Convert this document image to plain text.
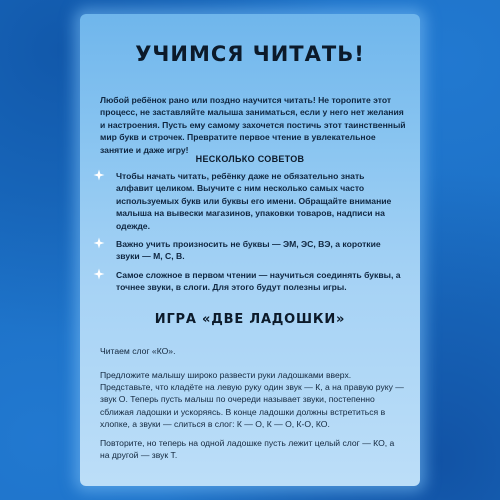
УЧИМСЯ ЧИТАТЬ!
Любой ребёнок рано или поздно научится читать! Не торопите этот процесс, не заставляйте малыша заниматься, если у него нет желания и настроения. Пусть ему самому захочется постичь этот таинственный мир букв и строчек. Превратите первое чтение в увлекательное занятие и даже игру!
НЕСКОЛЬКО СОВЕТОВ
Чтобы начать читать, ребёнку даже не обязательно знать алфавит целиком. Выучите с ним несколько самых часто используемых букв или буквы его имени. Обращайте внимание малыша на вывески магазинов, упаковки товаров, надписи на одежде.
Важно учить произносить не буквы — ЭМ, ЭС, ВЭ, а короткие звуки — М, С, В.
Самое сложное в первом чтении — научиться соединять буквы, а точнее звуки, в слоги. Для этого будут полезны игры.
ИГРА «ДВЕ ЛАДОШКИ»
Читаем слог «КО».
Предложите малышу широко развести руки ладошками вверх. Представьте, что кладёте на левую руку один звук — К, а на правую руку — звук О. Теперь пусть малыш по очереди называет звуки, постепенно сближая ладошки и ускоряясь. В конце ладошки должны встретиться в хлопке, а звуки — слиться в слог: К — О, К — О, К-О, КО.
Повторите, но теперь на одной ладошке пусть лежит целый слог — КО, а на другой — звук Т.
